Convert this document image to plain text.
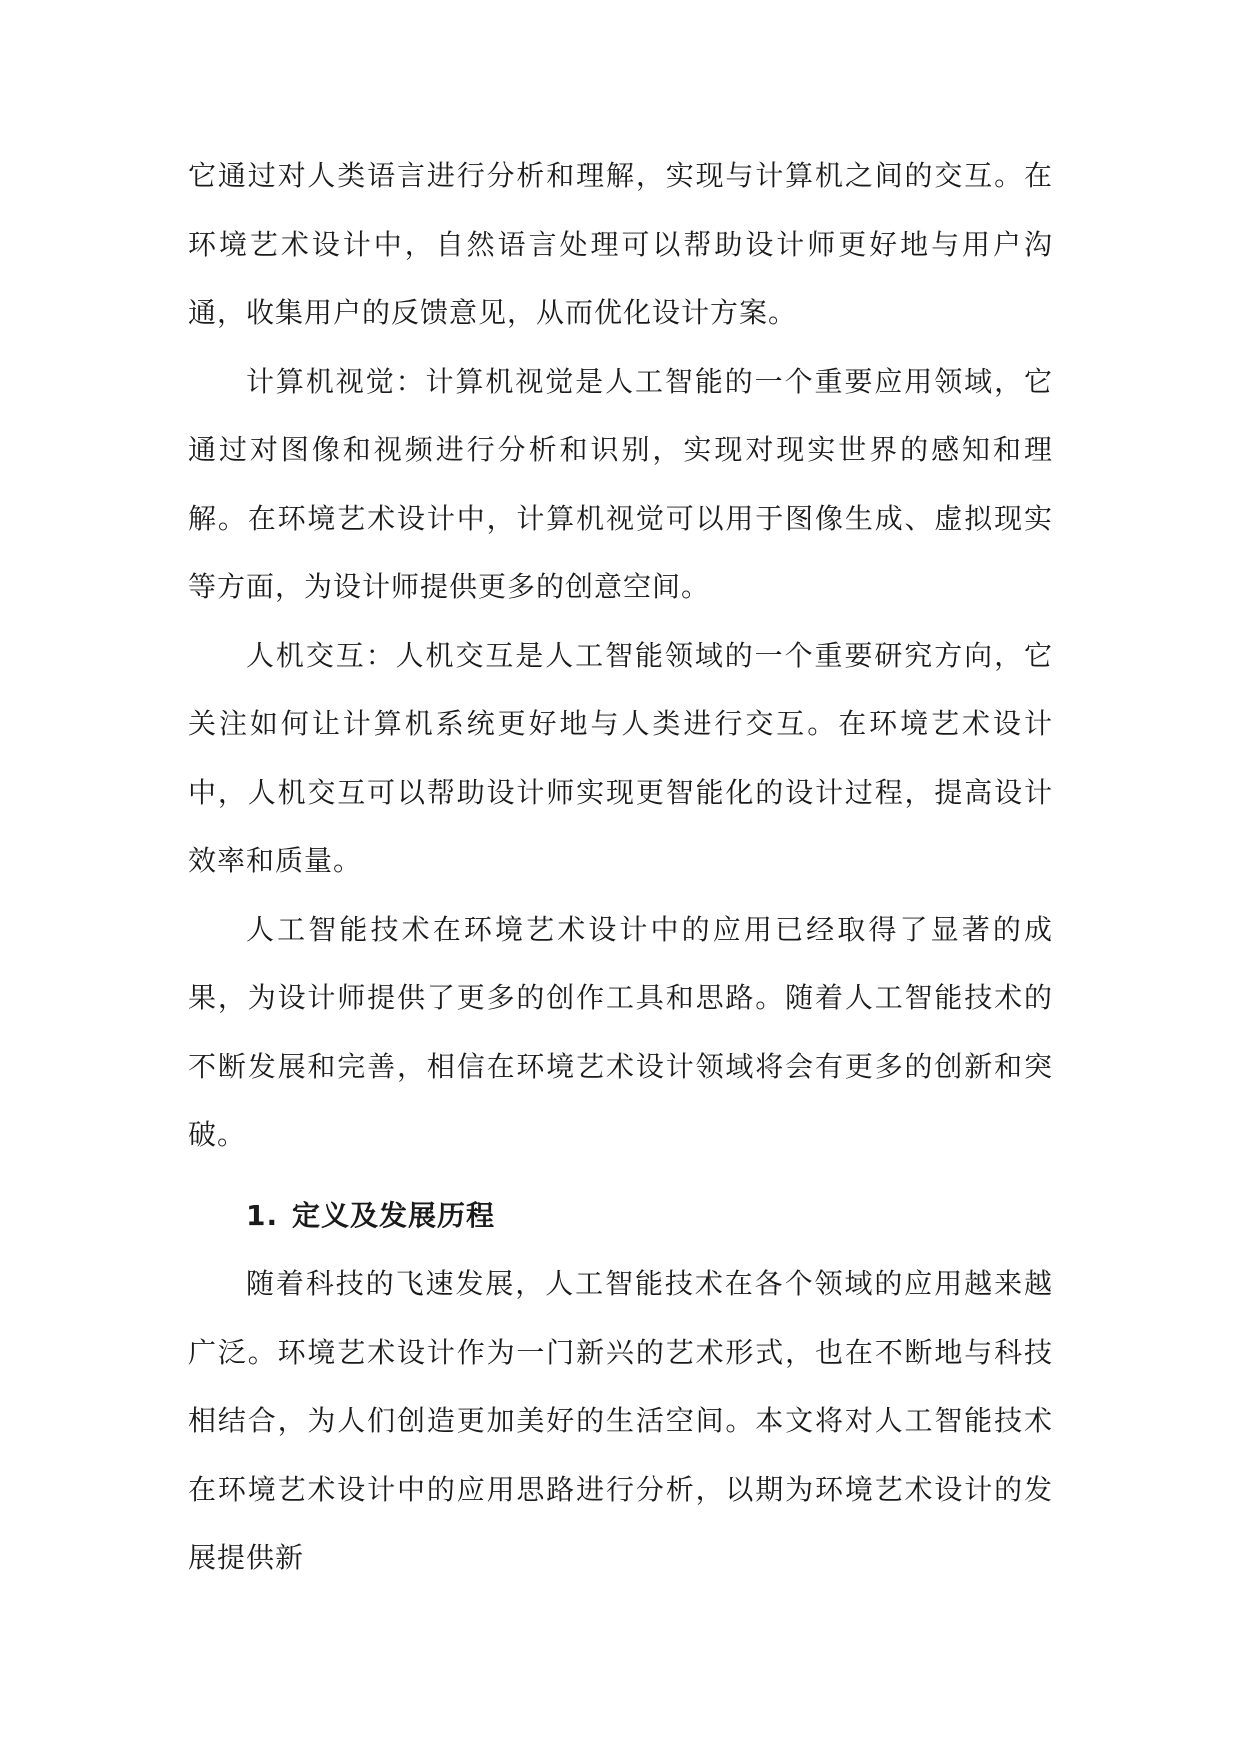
它通过对人类语言进行分析和理解，实现与计算机之间的交互。在环境艺术设计中，自然语言处理可以帮助设计师更好地与用户沟通，收集用户的反馈意见，从而优化设计方案。

计算机视觉：计算机视觉是人工智能的一个重要应用领域，它通过对图像和视频进行分析和识别，实现对现实世界的感知和理解。在环境艺术设计中，计算机视觉可以用于图像生成、虚拟现实等方面，为设计师提供更多的创意空间。

人机交互：人机交互是人工智能领域的一个重要研究方向，它关注如何让计算机系统更好地与人类进行交互。在环境艺术设计中，人机交互可以帮助设计师实现更智能化的设计过程，提高设计效率和质量。

人工智能技术在环境艺术设计中的应用已经取得了显著的成果，为设计师提供了更多的创作工具和思路。随着人工智能技术的不断发展和完善，相信在环境艺术设计领域将会有更多的创新和突破。

1. 定义及发展历程

随着科技的飞速发展，人工智能技术在各个领域的应用越来越广泛。环境艺术设计作为一门新兴的艺术形式，也在不断地与科技相结合，为人们创造更加美好的生活空间。本文将对人工智能技术在环境艺术设计中的应用思路进行分析，以期为环境艺术设计的发展提供新
